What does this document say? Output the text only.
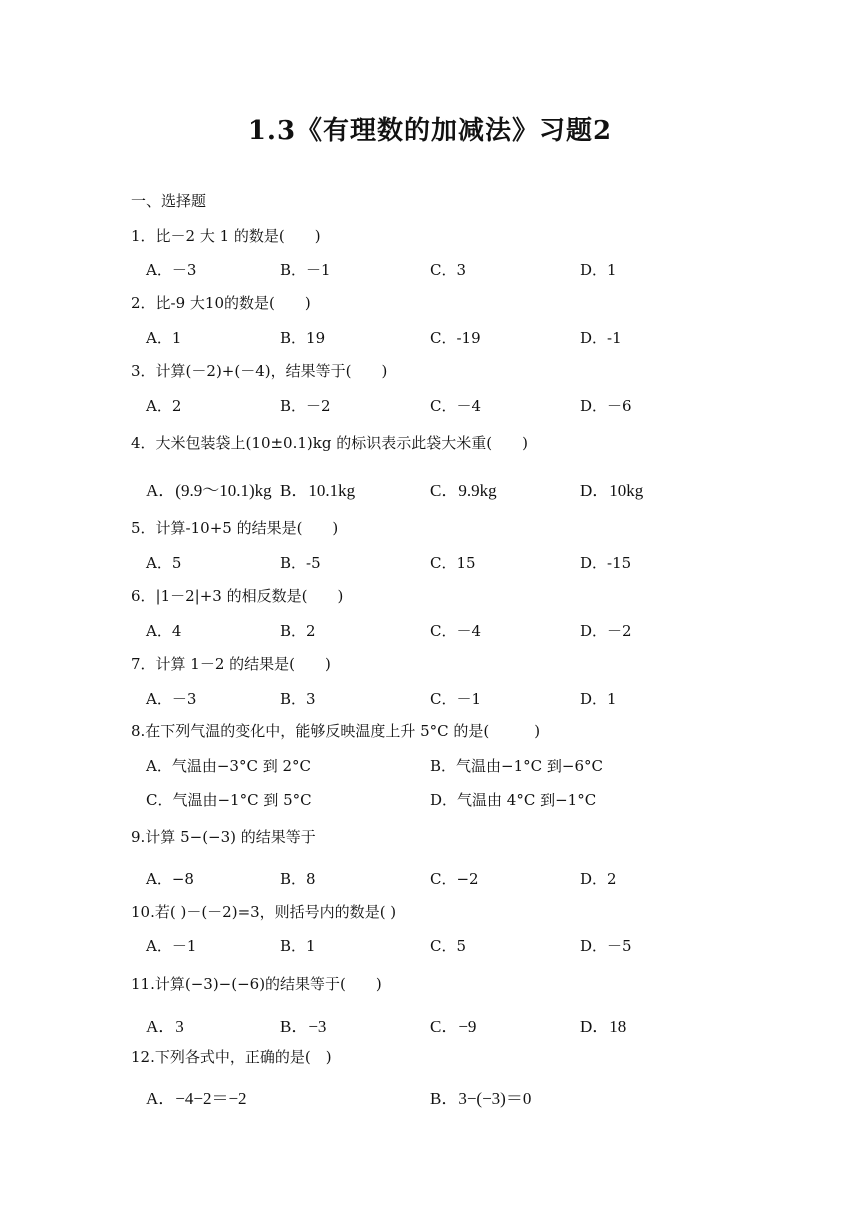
1.3《有理数的加减法》习题2
一、选择题
1．比－2 大 1 的数是(　　)
A．－3	B．－1	C．3	D．1
2．比-9 大10的数是(　　)
A．1	B．19	C．-19	D．-1
3．计算(－2)+(－4)，结果等于(　　)
A．2	B．－2	C．－4	D．－6
4．大米包装袋上(10±0.1)kg 的标识表示此袋大米重(　　)
A．(9.9～10.1)kg B．10.1kg	C．9.9kg	D．10kg
5．计算-10+5 的结果是(　　)
A．5	B．-5	C．15	D．-15
6．|1－2|+3 的相反数是(　　)
A．4	B．2	C．－4	D．－2
7．计算 1－2 的结果是(　　)
A．－3	B．3	C．－1	D．1
8.在下列气温的变化中，能够反映温度上升 5°C 的是(　　　)
A．气温由−3°C 到 2°C	B．气温由−1°C 到−6°C
C．气温由−1°C 到 5°C	D．气温由 4°C 到−1°C
9.计算 5−(−3) 的结果等于
A．−8	B．8	C．−2	D．2
10.若( )－(－2)=3，则括号内的数是( )
A．－1	B．1	C．5	D．－5
11.计算(−3)−(−6)的结果等于(　　)
A．3	B．−3	C．−9	D．18
12.下列各式中，正确的是(　)
A．−4−2＝−2	B．3−(−3)＝0
